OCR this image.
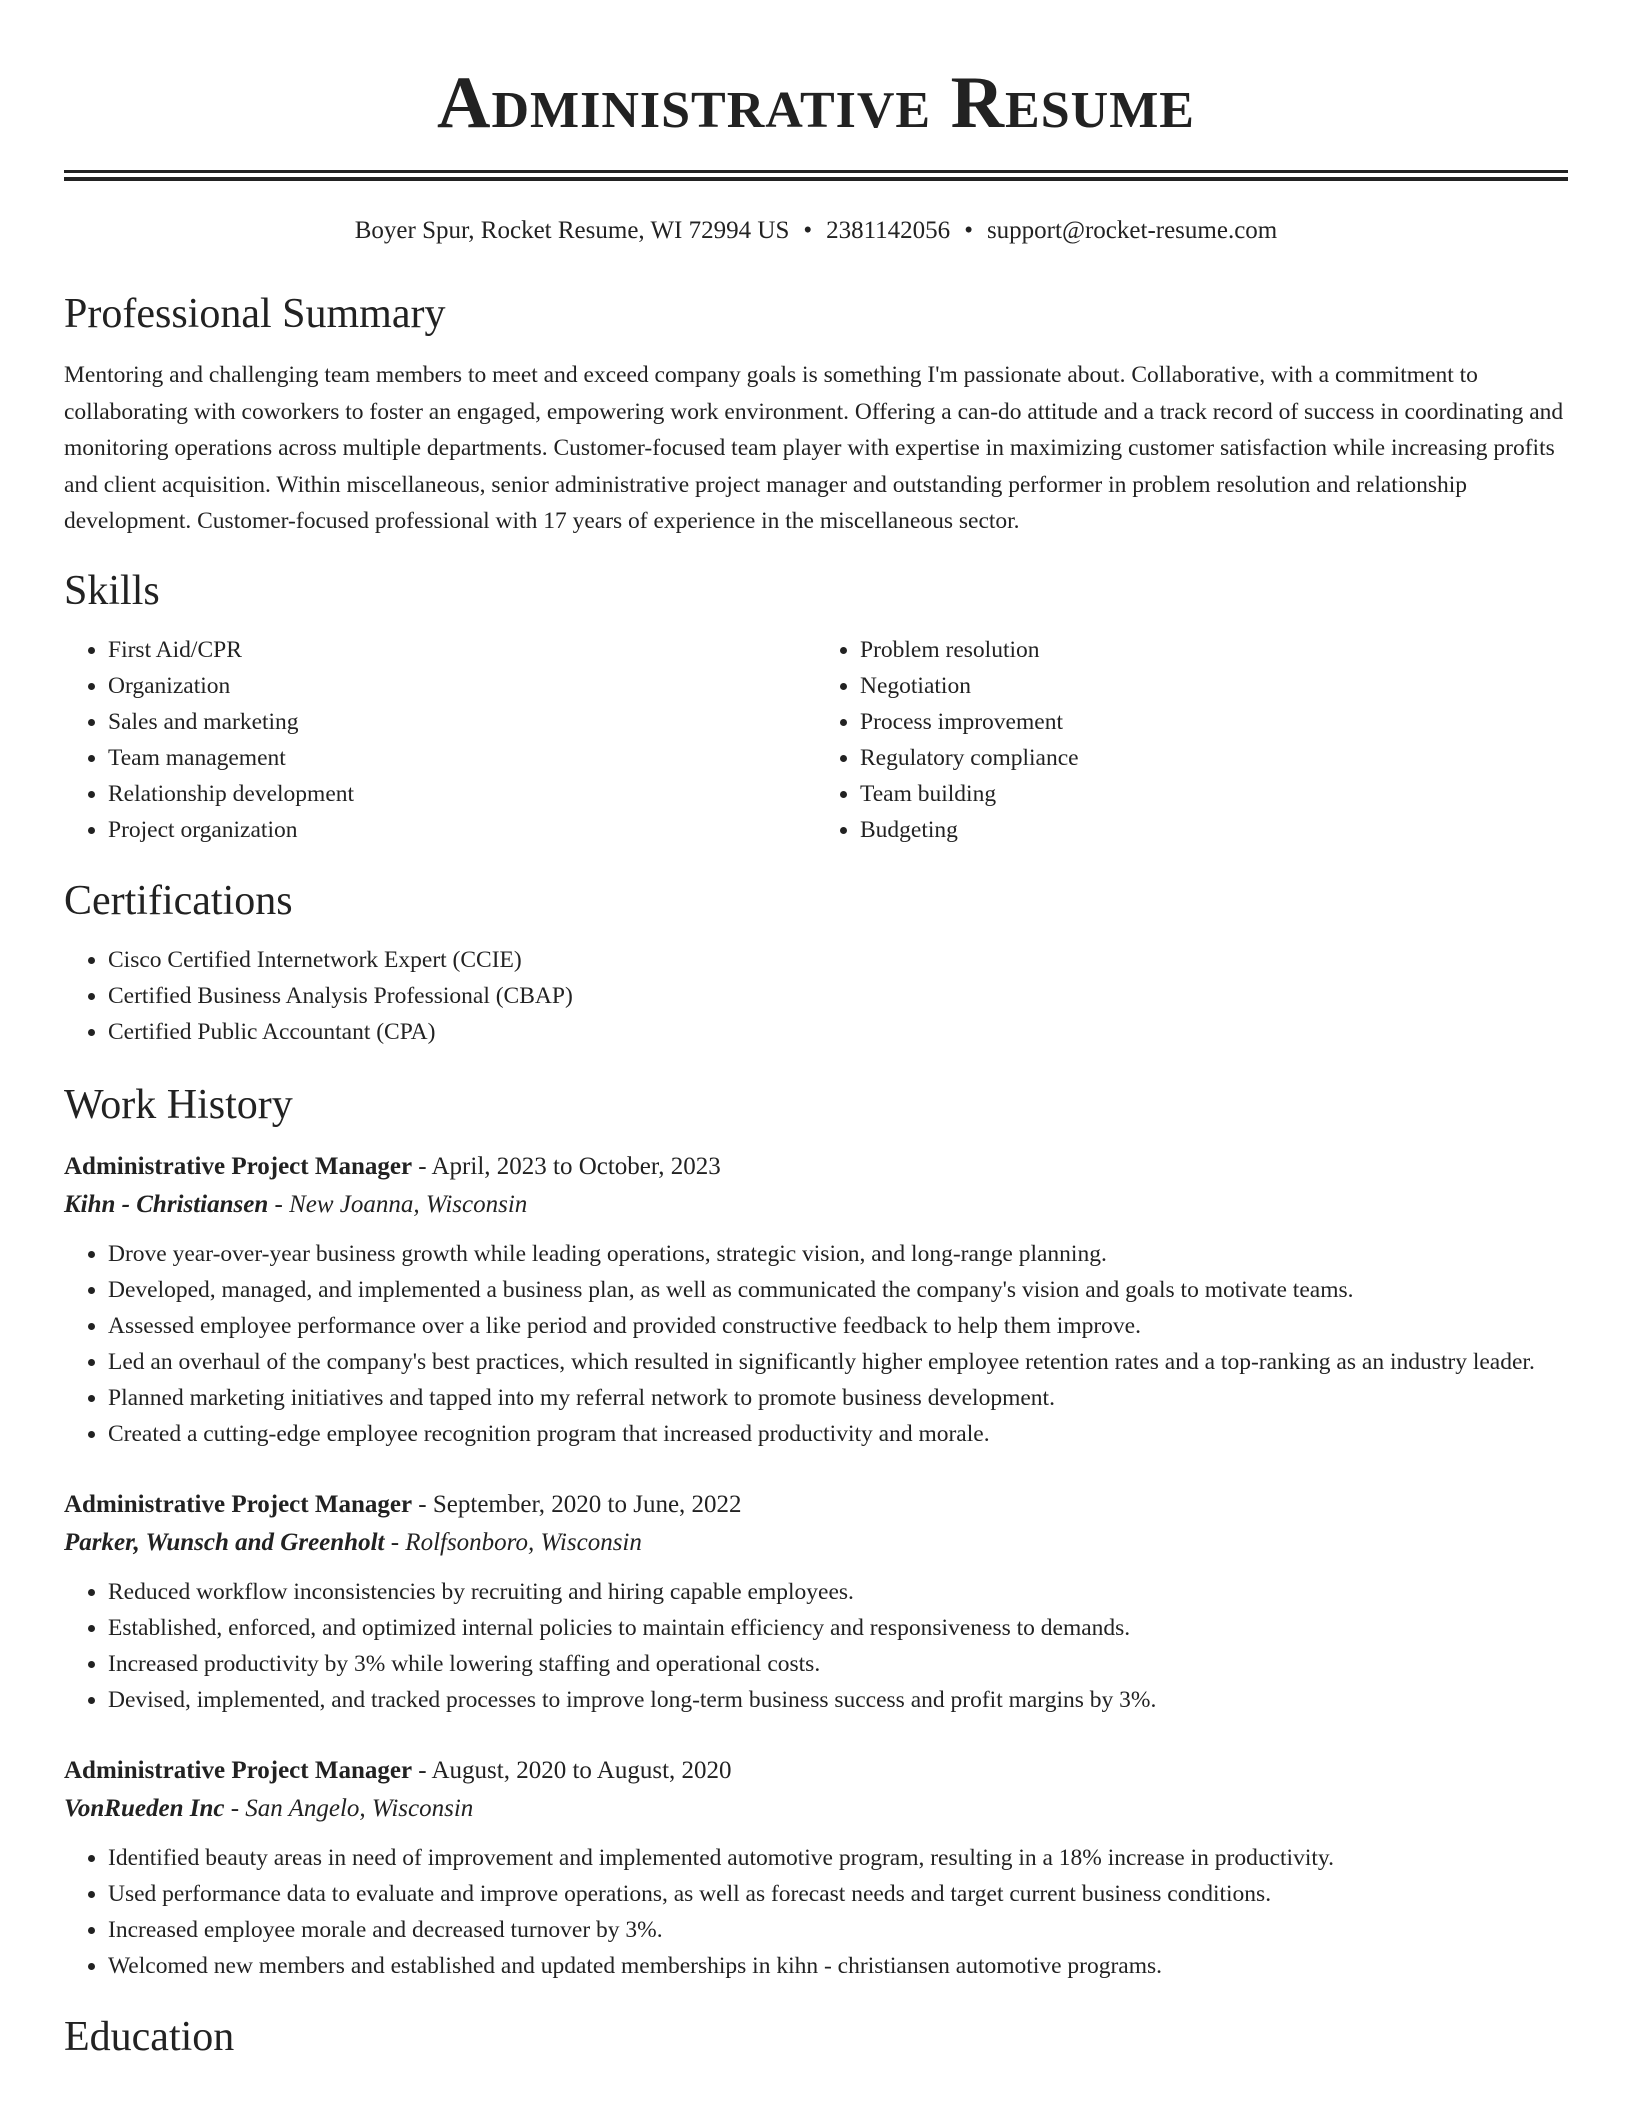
Administrative Resume
Boyer Spur, Rocket Resume, WI 72994 US • 2381142056 • support@rocket-resume.com
Professional Summary

Mentoring and challenging team members to meet and exceed company goals is something I'm passionate about. Collaborative, with a commitment to collaborating with coworkers to foster an engaged, empowering work environment. Offering a can-do attitude and a track record of success in coordinating and monitoring operations across multiple departments. Customer-focused team player with expertise in maximizing customer satisfaction while increasing profits and client acquisition. Within miscellaneous, senior administrative project manager and outstanding performer in problem resolution and relationship development. Customer-focused professional with 17 years of experience in the miscellaneous sector.

Skills
• First Aid/CPR
• Organization
• Sales and marketing
• Team management
• Relationship development
• Project organization
• Problem resolution
• Negotiation
• Process improvement
• Regulatory compliance
• Team building
• Budgeting
Certifications
• Cisco Certified Internetwork Expert (CCIE)
• Certified Business Analysis Professional (CBAP)
• Certified Public Accountant (CPA)
Work History
Administrative Project Manager - April, 2023 to October, 2023
Kihn - Christiansen - New Joanna, Wisconsin
• Drove year-over-year business growth while leading operations, strategic vision, and long-range planning.
• Developed, managed, and implemented a business plan, as well as communicated the company's vision and goals to motivate teams.
• Assessed employee performance over a like period and provided constructive feedback to help them improve.
• Led an overhaul of the company's best practices, which resulted in significantly higher employee retention rates and a top-ranking as an industry leader.
• Planned marketing initiatives and tapped into my referral network to promote business development.
• Created a cutting-edge employee recognition program that increased productivity and morale.
Administrative Project Manager - September, 2020 to June, 2022
Parker, Wunsch and Greenholt - Rolfsonboro, Wisconsin
• Reduced workflow inconsistencies by recruiting and hiring capable employees.
• Established, enforced, and optimized internal policies to maintain efficiency and responsiveness to demands.
• Increased productivity by 3% while lowering staffing and operational costs.
• Devised, implemented, and tracked processes to improve long-term business success and profit margins by 3%.
Administrative Project Manager - August, 2020 to August, 2020
VonRueden Inc - San Angelo, Wisconsin
• Identified beauty areas in need of improvement and implemented automotive program, resulting in a 18% increase in productivity.
• Used performance data to evaluate and improve operations, as well as forecast needs and target current business conditions.
• Increased employee morale and decreased turnover by 3%.
• Welcomed new members and established and updated memberships in kihn - christiansen automotive programs.
Education
